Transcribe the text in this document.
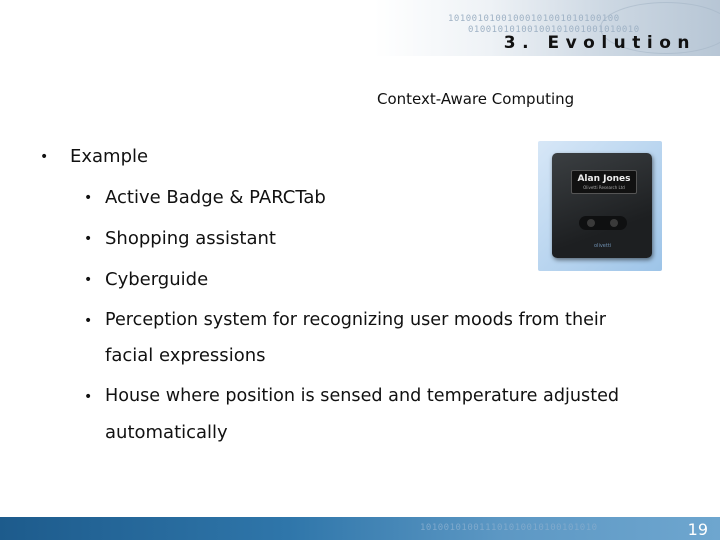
10100101001000101001010100100
01001010100100101001001010010
3. Evolution
Context-Aware Computing
• Example
• Active Badge & PARCTab
• Shopping assistant
• Cyberguide
• Perception system for recognizing user moods from their
facial expressions
• House where position is sensed and temperature adjusted
automatically
Alan Jones
Olivetti Research Ltd
olivetti
101001010011101010010100101010	19
